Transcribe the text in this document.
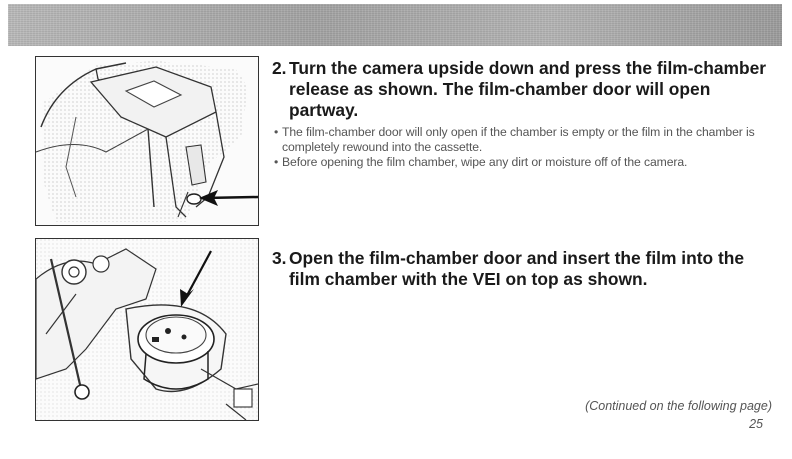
2. Turn the camera upside down and press the film-chamber release as shown. The film-chamber door will open partway.

• The film-chamber door will only open if the chamber is empty or the film in the chamber is completely rewound into the cassette.
• Before opening the film chamber, wipe any dirt or moisture off of the camera.

3. Open the film-chamber door and insert the film into the film chamber with the VEI on top as shown.

(Continued on the following page)
25
